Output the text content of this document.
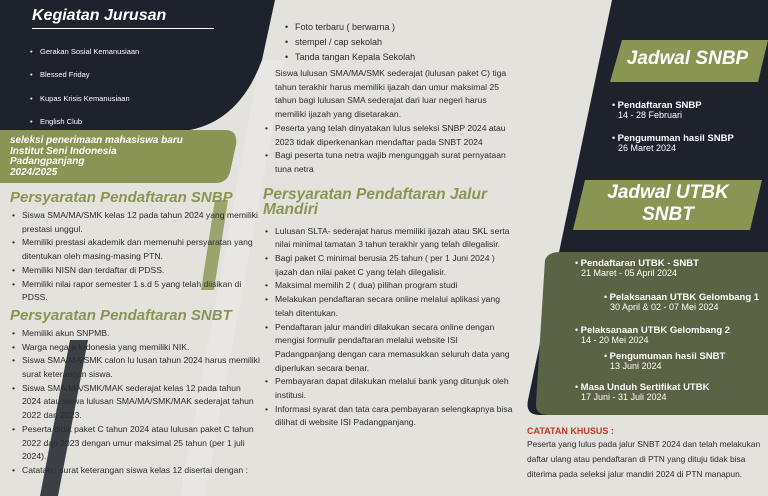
Kegiatan Jurusan
• Gerakan Sosial Kemanusiaan
• Blessed Friday
• Kupas Krisis Kemanusiaan
• English Club
seleksi penerimaan mahasiswa baru
Institut Seni Indonesia
Padangpanjang
2024/2025
Persyaratan Pendaftaran SNBP
• Siswa SMA/MA/SMK kelas 12 pada tahun 2024 yang memiliki prestasi unggul.
• Memiliki prestasi akademik dan memenuhi persyaratan yang ditentukan oleh masing-masing PTN.
• Memiliki NISN dan terdaftar di PDSS.
• Memiliki nilai rapor semester 1 s.d 5 yang telah diisikan di PDSS.
Persyaratan Pendaftaran SNBT
• Memiliki akun SNPMB.
• Warga negara Indonesia yang memiliki NIK.
• Siswa SMA/MA/SMK calon lu lusan tahun 2024 harus memiliki surat keterangan siswa.
• Siswa SMA/MA/SMK/MAK sederajat kelas 12 pada tahun 2024 atau siswa lulusan SMA/MA/SMK/MAK sederajat tahun 2022 dan 2023.
• Peserta didik paket C tahun 2024 atau lulusan paket C tahun 2022 dan 2023 dengan umur maksimal 25 tahun (per 1 juli 2024).
• Catatan : surat keterangan siswa kelas 12 disertai dengan :
• Foto terbaru ( berwarna )
• stempel / cap sekolah
• Tanda tangan Kepala Sekolah

Siswa lulusan SMA/MA/SMK sederajat (lulusan paket C) tiga tahun terakhir harus memiliki ijazah dan umur maksimal 25 tahun bagi lulusan SMA sederajat dari luar negeri harus memiliki ijazah yang disetarakan.

• Peserta yang telah dinyatakan lulus seleksi SNBP 2024 atau 2023 tidak diperkenankan mendaftar pada SNBT 2024
• Bagi peserta tuna netra wajib mengunggah surat pernyataan tuna netra
Persyaratan Pendaftaran Jalur Mandiri
• Lulusan SLTA- sederajat harus memiliki ijazah atau SKL serta nilai minimal tamatan 3 tahun terakhir yang telah dilegalisir.
• Bagi paket C minimal berusia 25 tahun ( per 1 Juni 2024 ) ijazah dan nilai paket C yang telah dilegalisir.
• Maksimal memilih 2 ( dua) pilihan program studi
• Melakukan pendaftaran secara online melalui aplikasi yang telah ditentukan.
• Pendaftaran jalur mandiri dilakukan secara online dengan mengisi formulir pendaftaran melalui website ISI Padangpanjang dengan cara memasukkan seluruh data yang diperlukan secara benar.
• Pembayaran dapat dilakukan melalui bank yang ditunjuk oleh institusi.
• Informasi syarat dan tata cara pembayaran selengkapnya bisa dilihat di website ISI Padangpanjang.
Jadwal SNBP
• Pendaftaran SNBP
14 - 28 Februari
• Pengumuman hasil SNBP
26 Maret 2024
Jadwal UTBK
SNBT
• Pendaftaran UTBK - SNBT
21 Maret - 05 April 2024
• Pelaksanaan UTBK Gelombang 1
30 April & 02 - 07 Mei 2024
• Pelaksanaan UTBK Gelombang 2
14 - 20 Mei 2024
• Pengumuman hasil SNBT
13 Juni 2024
• Masa Unduh Sertifikat UTBK
17 Juni - 31 Juli 2024
CATATAN KHUSUS :

Peserta yang lulus pada jalur SNBT 2024 dan telah melakukan daftar ulang atau pendaftaran di PTN yang dituju tidak bisa diterima pada seleksi jalur mandiri 2024 di PTN manapun.
